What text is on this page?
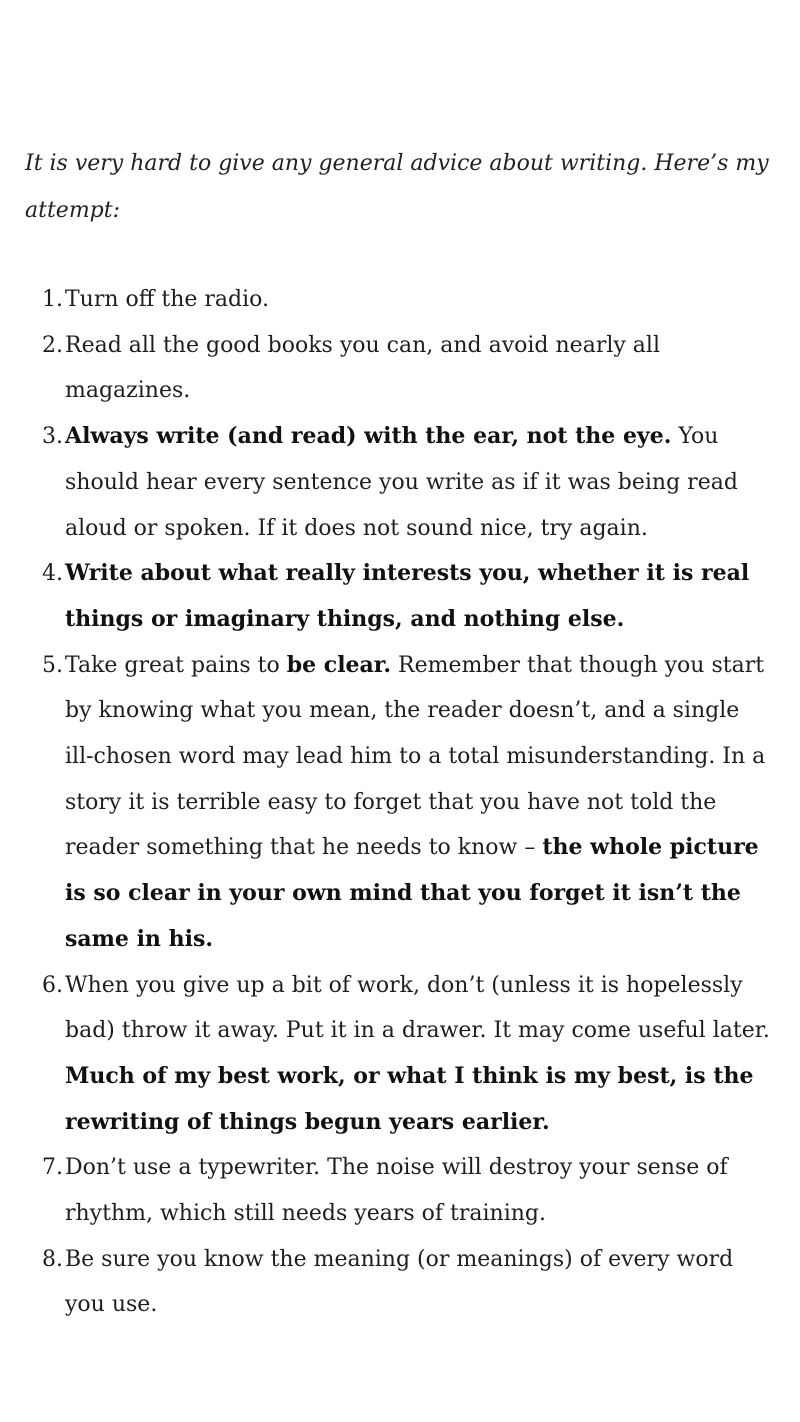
It is very hard to give any general advice about writing. Here’s my attempt:

1. Turn off the radio.
2. Read all the good books you can, and avoid nearly all magazines.
3. Always write (and read) with the ear, not the eye. You should hear every sentence you write as if it was being read aloud or spoken. If it does not sound nice, try again.
4. Write about what really interests you, whether it is real things or imaginary things, and nothing else.
5. Take great pains to be clear. Remember that though you start by knowing what you mean, the reader doesn’t, and a single ill-chosen word may lead him to a total misunderstanding. In a story it is terrible easy to forget that you have not told the reader something that he needs to know – the whole picture is so clear in your own mind that you forget it isn’t the same in his.
6. When you give up a bit of work, don’t (unless it is hopelessly bad) throw it away. Put it in a drawer. It may come useful later. Much of my best work, or what I think is my best, is the rewriting of things begun years earlier.
7. Don’t use a typewriter. The noise will destroy your sense of rhythm, which still needs years of training.
8. Be sure you know the meaning (or meanings) of every word you use.
